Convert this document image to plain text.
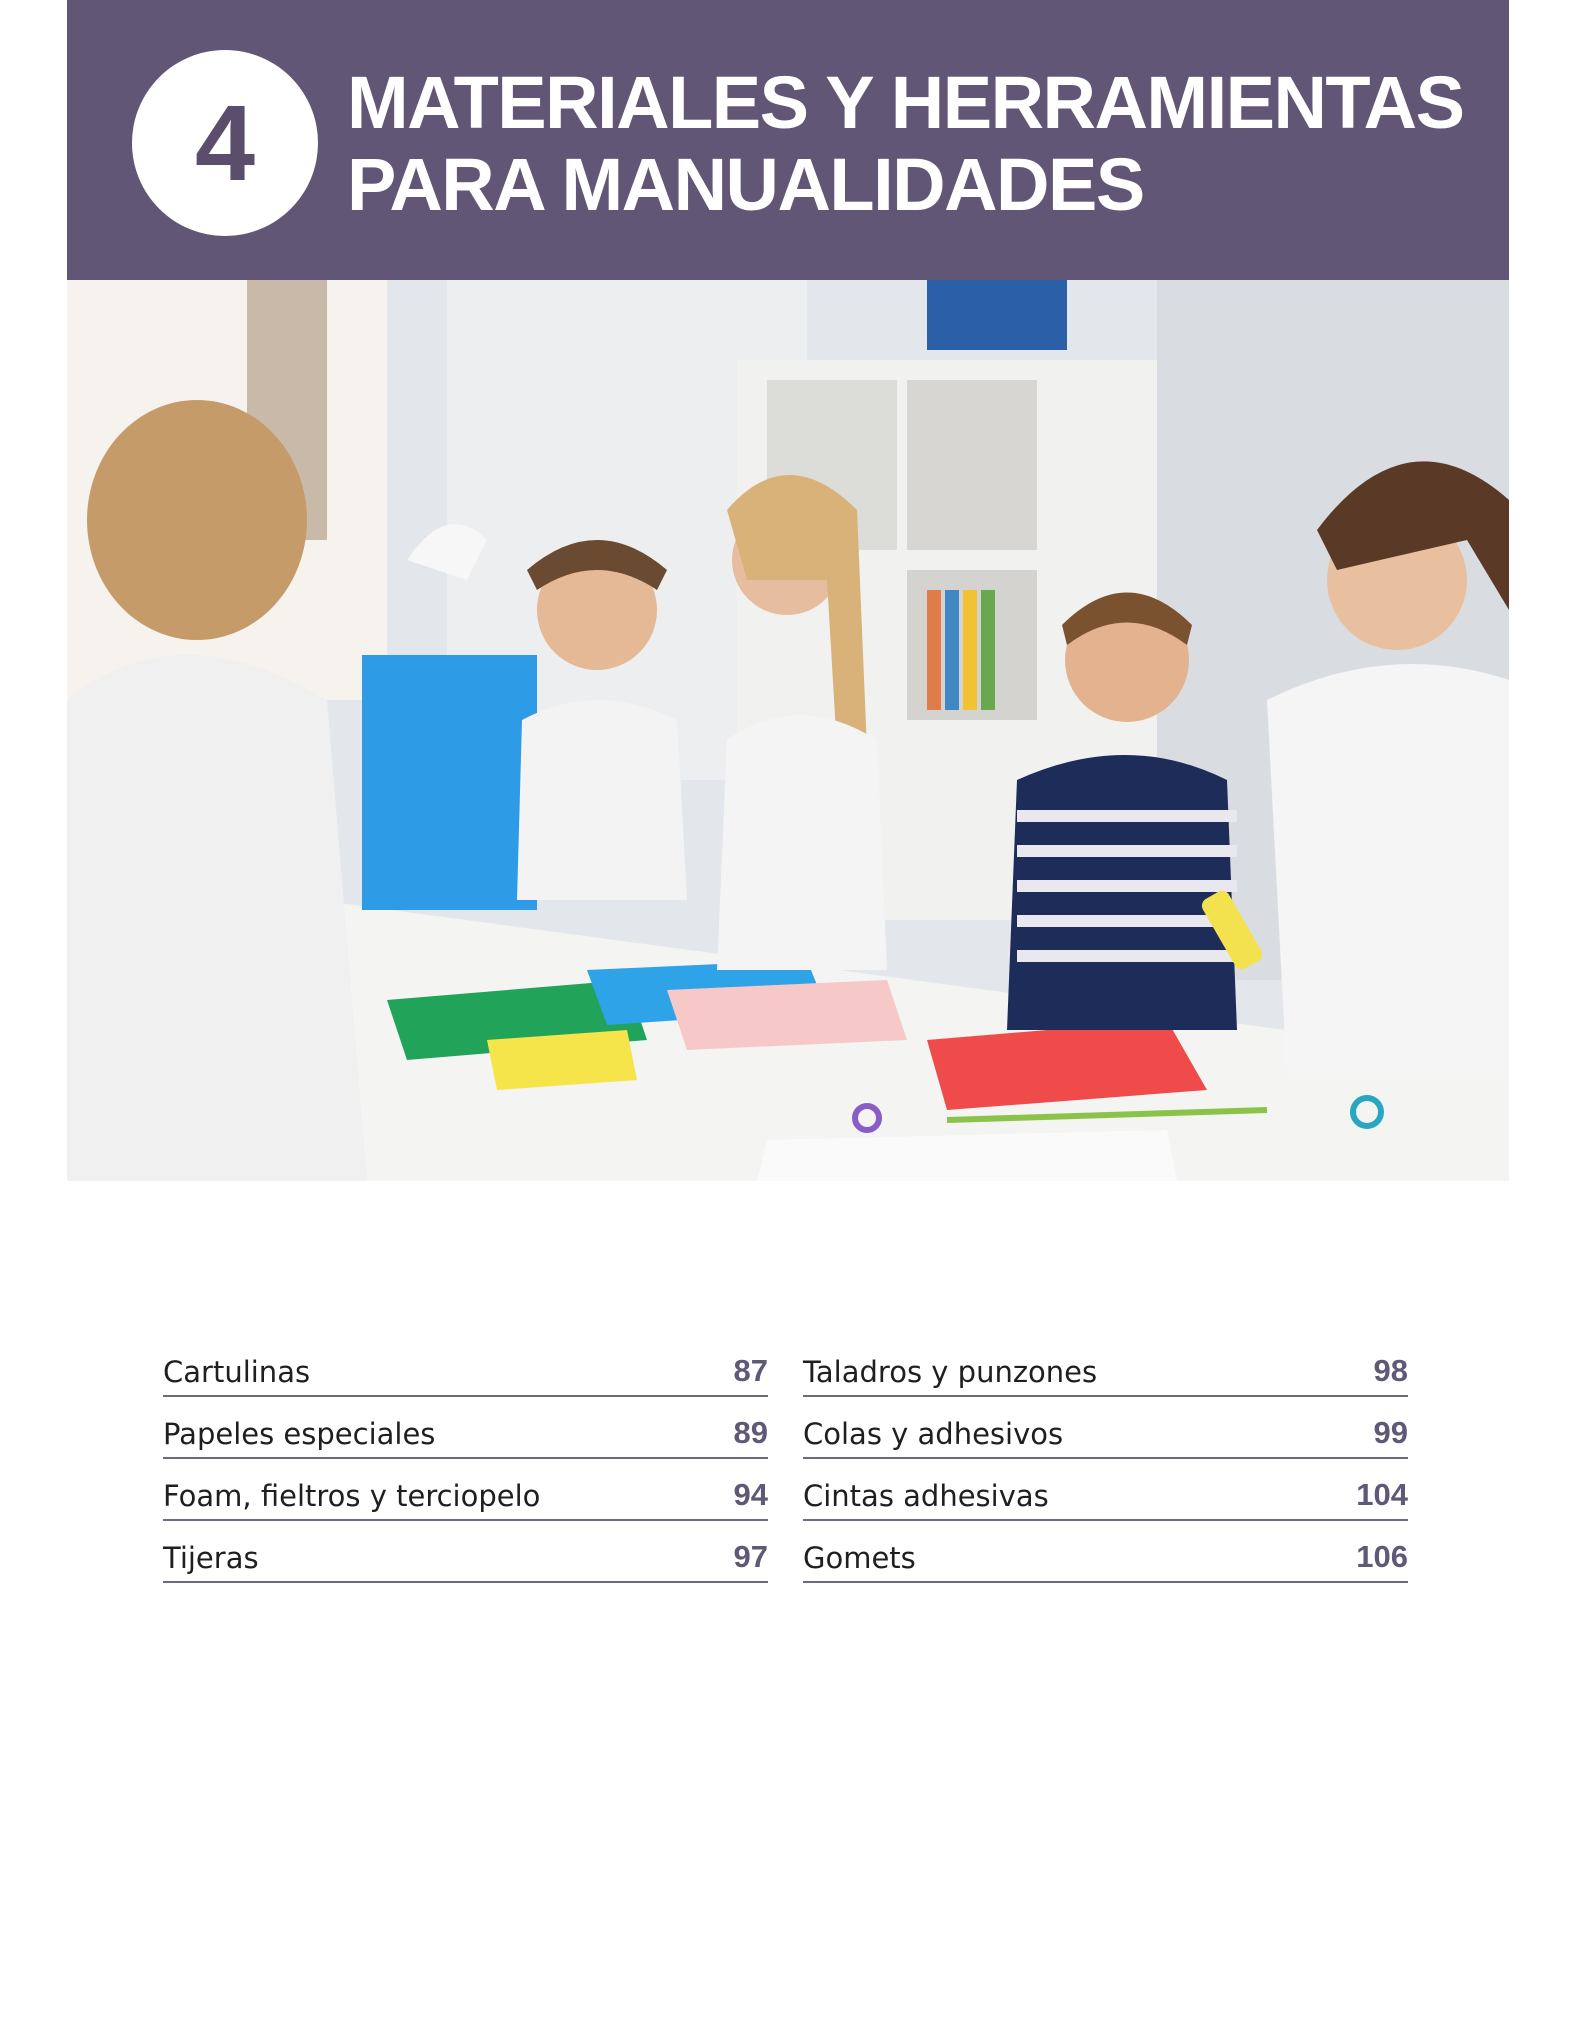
4 MATERIALES Y HERRAMIENTAS
PARA MANUALIDADES
Cartulinas	87
Papeles especiales	89
Foam, fieltros y terciopelo	94
Tijeras	97
Taladros y punzones	98
Colas y adhesivos	99
Cintas adhesivas	104
Gomets	106
